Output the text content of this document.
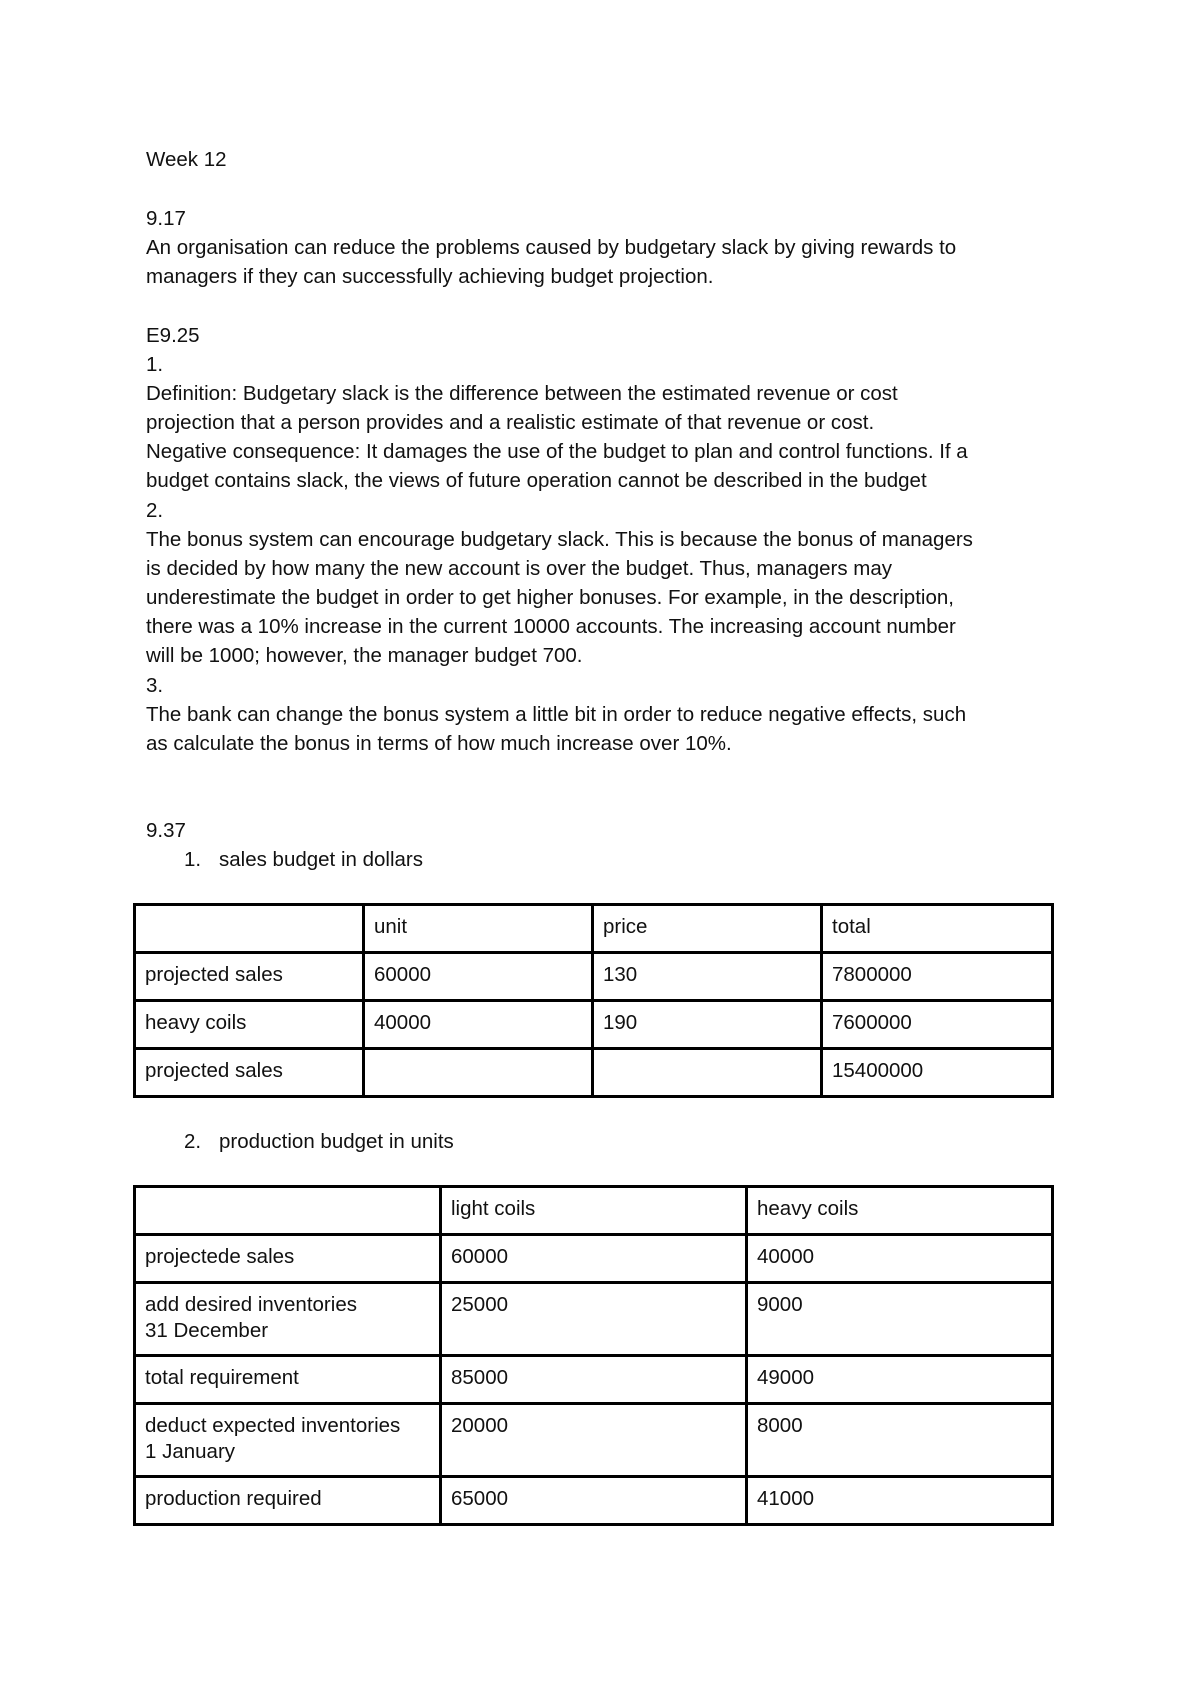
Week 12

9.17

An organisation can reduce the problems caused by budgetary slack by giving rewards to

managers if they can successfully achieving budget projection.

E9.25

1.

Definition: Budgetary slack is the difference between the estimated revenue or cost

projection that a person provides and a realistic estimate of that revenue or cost.

Negative consequence: It damages the use of the budget to plan and control functions. If a

budget contains slack, the views of future operation cannot be described in the budget

2.

The bonus system can encourage budgetary slack. This is because the bonus of managers

is decided by how many the new account is over the budget. Thus, managers may

underestimate the budget in order to get higher bonuses. For example, in the description,

there was a 10% increase in the current 10000 accounts. The increasing account number

will be 1000; however, the manager budget 700.

3.

The bank can change the bonus system a little bit in order to reduce negative effects, such

as calculate the bonus in terms of how much increase over 10%.

9.37

1. sales budget in dollars
	unit	price	total
projected sales	60000	130	7800000
heavy coils	40000	190	7600000
projected sales			15400000
2. production budget in units
	light coils	heavy coils
projectede sales	60000	40000
add desired inventories
31 December	25000	9000
total requirement	85000	49000
deduct expected inventories
1 January	20000	8000
production required	65000	41000
